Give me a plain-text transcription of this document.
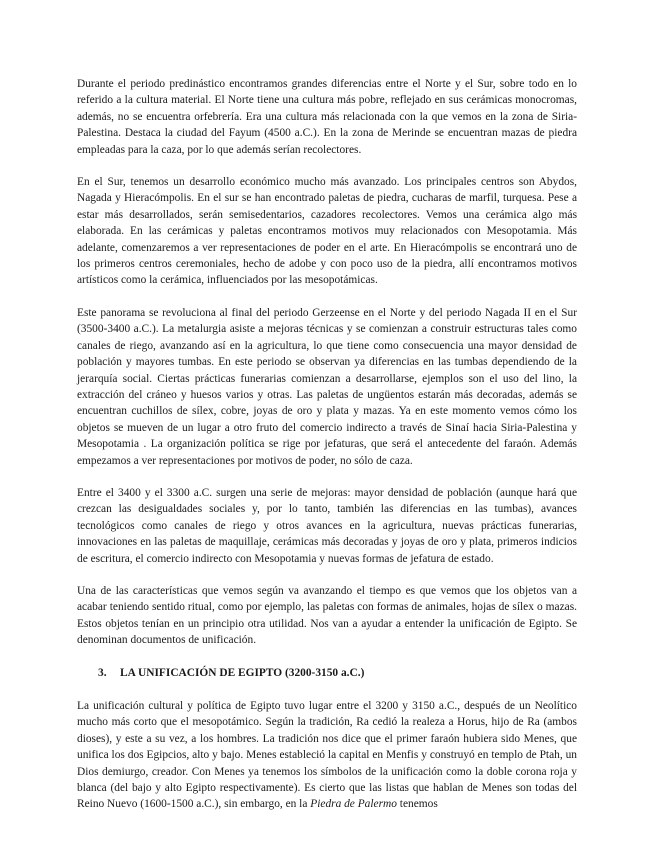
Durante el periodo predinástico encontramos grandes diferencias entre el Norte y el Sur, sobre todo en lo referido a la cultura material. El Norte tiene una cultura más pobre, reflejado en sus cerámicas monocromas, además, no se encuentra orfebrería. Era una cultura más relacionada con la que vemos en la zona de Siria-Palestina. Destaca la ciudad del Fayum (4500 a.C.). En la zona de Merinde se encuentran mazas de piedra empleadas para la caza, por lo que además serían recolectores.

En el Sur, tenemos un desarrollo económico mucho más avanzado. Los principales centros son Abydos, Nagada y Hieracómpolis. En el sur se han encontrado paletas de piedra, cucharas de marfil, turquesa. Pese a estar más desarrollados, serán semisedentarios, cazadores recolectores. Vemos una cerámica algo más elaborada. En las cerámicas y paletas encontramos motivos muy relacionados con Mesopotamia. Más adelante, comenzaremos a ver representaciones de poder en el arte. En Hieracómpolis se encontrará uno de los primeros centros ceremoniales, hecho de adobe y con poco uso de la piedra, allí encontramos motivos artísticos como la cerámica, influenciados por las mesopotámicas.

Este panorama se revoluciona al final del periodo Gerzeense en el Norte y del periodo Nagada II en el Sur (3500-3400 a.C.). La metalurgia asiste a mejoras técnicas y se comienzan a construir estructuras tales como canales de riego, avanzando así en la agricultura, lo que tiene como consecuencia una mayor densidad de población y mayores tumbas. En este periodo se observan ya diferencias en las tumbas dependiendo de la jerarquía social. Ciertas prácticas funerarias comienzan a desarrollarse, ejemplos son el uso del lino, la extracción del cráneo y huesos varios y otras. Las paletas de ungüentos estarán más decoradas, además se encuentran cuchillos de sílex, cobre, joyas de oro y plata y mazas. Ya en este momento vemos cómo los objetos se mueven de un lugar a otro fruto del comercio indirecto a través de Sinaí hacia Siria-Palestina y Mesopotamia . La organización política se rige por jefaturas, que será el antecedente del faraón. Además empezamos a ver representaciones por motivos de poder, no sólo de caza.

Entre el 3400 y el 3300 a.C. surgen una serie de mejoras: mayor densidad de población (aunque hará que crezcan las desigualdades sociales y, por lo tanto, también las diferencias en las tumbas), avances tecnológicos como canales de riego y otros avances en la agricultura, nuevas prácticas funerarias, innovaciones en las paletas de maquillaje, cerámicas más decoradas y joyas de oro y plata, primeros indicios de escritura, el comercio indirecto con Mesopotamia y nuevas formas de jefatura de estado.

Una de las características que vemos según va avanzando el tiempo es que vemos que los objetos van a acabar teniendo sentido ritual, como por ejemplo, las paletas con formas de animales, hojas de sílex o mazas. Estos objetos tenían en un principio otra utilidad. Nos van a ayudar a entender la unificación de Egipto. Se denominan documentos de unificación.

3.	LA UNIFICACIÓN DE EGIPTO (3200-3150 a.C.)

La unificación cultural y política de Egipto tuvo lugar entre el 3200 y 3150 a.C., después de un Neolítico mucho más corto que el mesopotámico. Según la tradición, Ra cedió la realeza a Horus, hijo de Ra (ambos dioses), y este a su vez, a los hombres. La tradición nos dice que el primer faraón hubiera sido Menes, que unifica los dos Egipcios, alto y bajo. Menes estableció la capital en Menfis y construyó en templo de Ptah, un Dios demiurgo, creador. Con Menes ya tenemos los símbolos de la unificación como la doble corona roja y blanca (del bajo y alto Egipto respectivamente). Es cierto que las listas que hablan de Menes son todas del Reino Nuevo (1600-1500 a.C.), sin embargo, en la Piedra de Palermo tenemos
